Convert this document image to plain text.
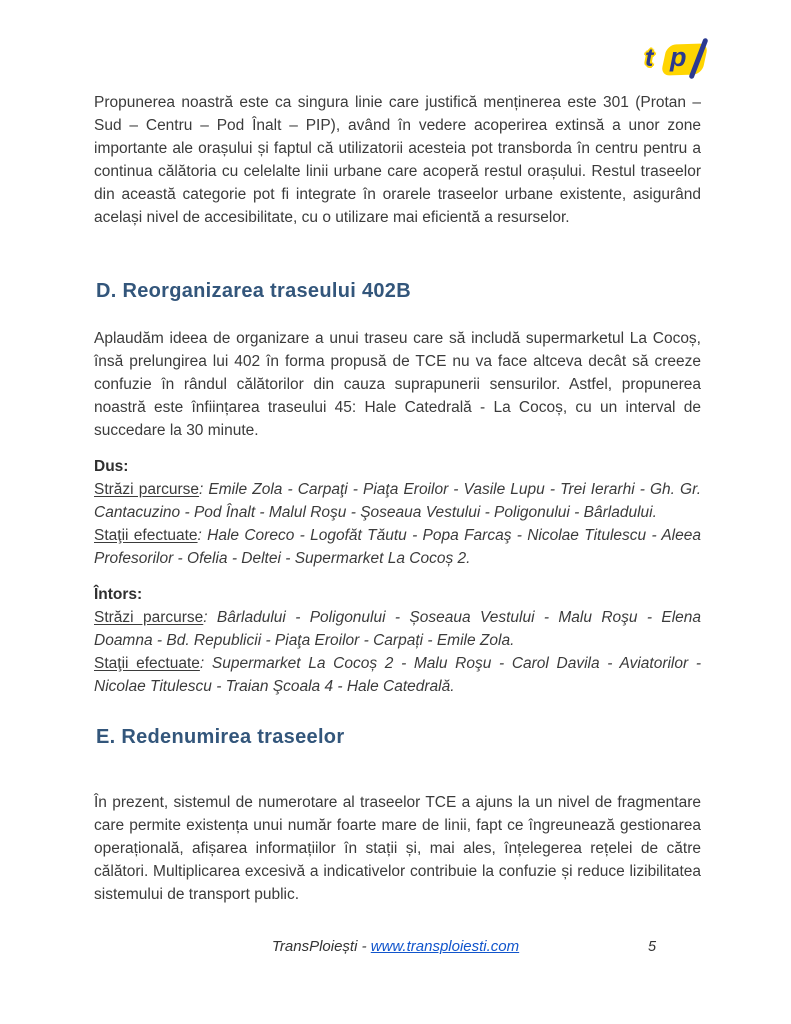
t p
Propunerea noastră este ca singura linie care justifică menținerea este 301 (Protan – Sud – Centru – Pod Înalt – PIP), având în vedere acoperirea extinsă a unor zone importante ale orașului și faptul că utilizatorii acesteia pot transborda în centru pentru a continua călătoria cu celelalte linii urbane care acoperă restul orașului. Restul traseelor din această categorie pot fi integrate în orarele traseelor urbane existente, asigurând același nivel de accesibilitate, cu o utilizare mai eficientă a resurselor.
D. Reorganizarea traseului 402B
Aplaudăm ideea de organizare a unui traseu care să includă supermarketul La Cocoș, însă prelungirea lui 402 în forma propusă de TCE nu va face altceva decât să creeze confuzie în rândul călătorilor din cauza suprapunerii sensurilor. Astfel, propunerea noastră este înființarea traseului 45: Hale Catedrală - La Cocoș, cu un interval de succedare la 30 minute.
Dus:
Străzi parcurse: Emile Zola - Carpaţi - Piaţa Eroilor - Vasile Lupu - Trei Ierarhi - Gh. Gr. Cantacuzino - Pod Înalt - Malul Roşu - Şoseaua Vestului - Poligonului - Bârladului.
Staţii efectuate: Hale Coreco - Logofăt Tăutu - Popa Farcaş - Nicolae Titulescu - Aleea Profesorilor - Ofelia - Deltei - Supermarket La Cocoș 2.
Întors:
Străzi parcurse: Bârladului - Poligonului - Șoseaua Vestului - Malu Roşu - Elena Doamna - Bd. Republicii - Piaţa Eroilor - Carpați - Emile Zola.
Staţii efectuate: Supermarket La Cocoș 2 - Malu Roşu - Carol Davila - Aviatorilor - Nicolae Titulescu - Traian Şcoala 4 - Hale Catedrală.
E. Redenumirea traseelor
În prezent, sistemul de numerotare al traseelor TCE a ajuns la un nivel de fragmentare care permite existența unui număr foarte mare de linii, fapt ce îngreunează gestionarea operațională, afișarea informațiilor în stații și, mai ales, înțelegerea rețelei de către călători. Multiplicarea excesivă a indicativelor contribuie la confuzie și reduce lizibilitatea sistemului de transport public.
TransPloiești - www.transploiesti.com	5
